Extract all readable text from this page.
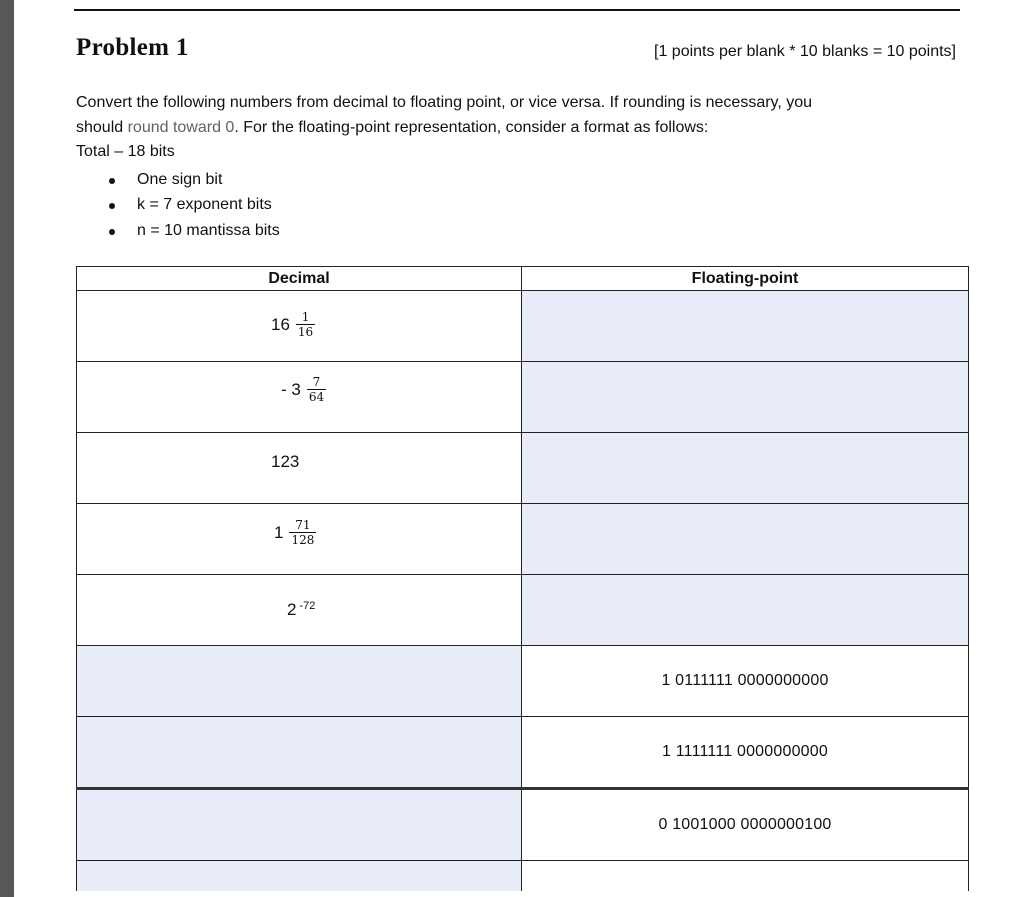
Problem 1	[1 points per blank * 10 blanks = 10 points]

Convert the following numbers from decimal to floating point, or vice versa. If rounding is necessary, you

should round toward 0. For the floating-point representation, consider a format as follows:

Total – 18 bits

One sign bit
k = 7 exponent bits
n = 10 mantissa bits
Decimal	Floating-point

$16 \frac{1}{16}$

- $3 \frac{7}{64}$

123	

$1 \frac{71}{128}$

2 $^{-72}$

	1 0111111 0000000000
	1 1111111 0000000000
	0 1001000 0000000100
